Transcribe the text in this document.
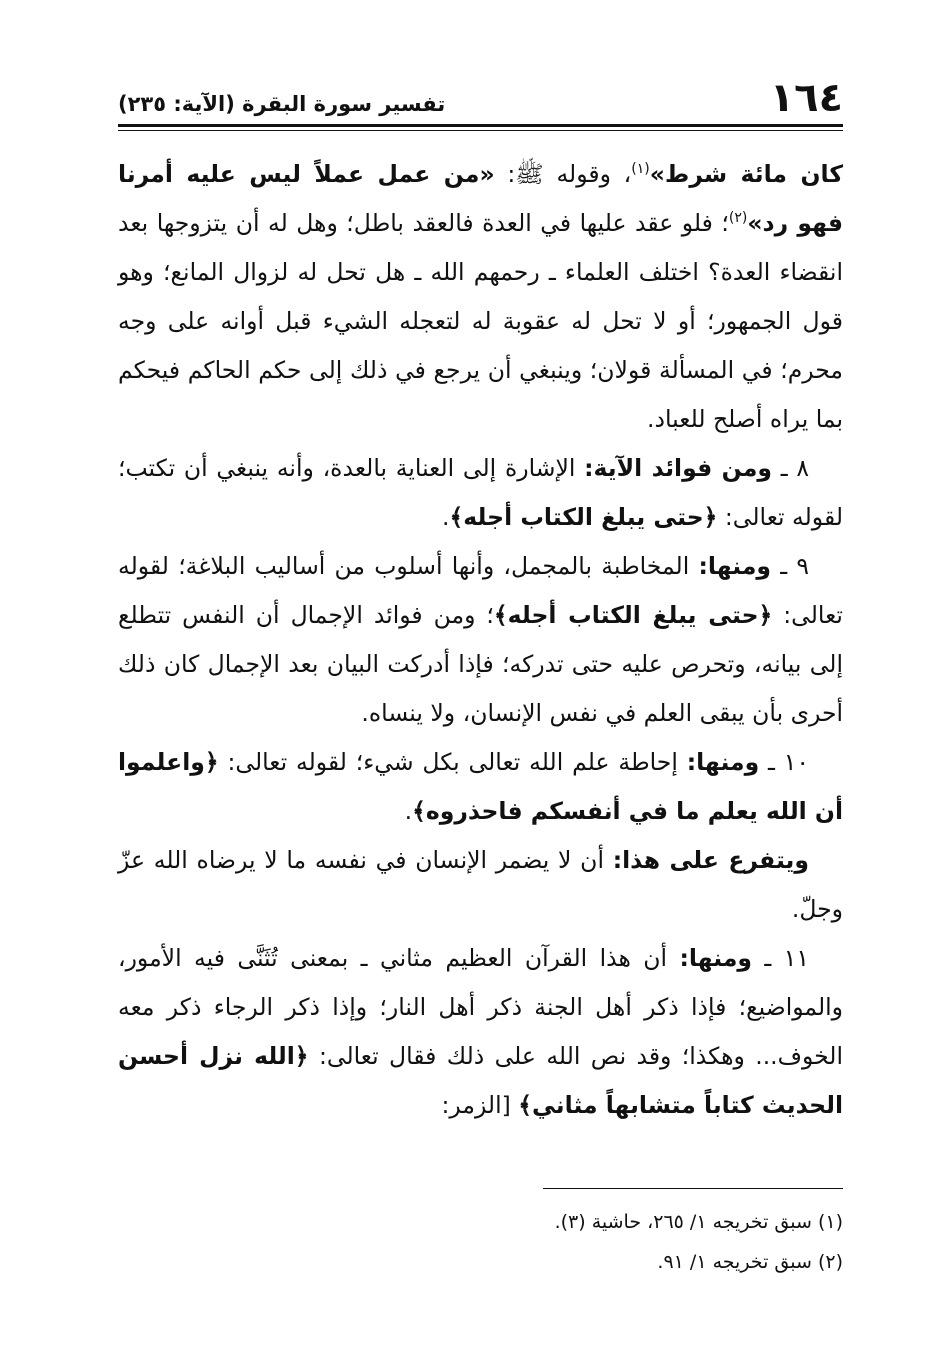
١٦٤
تفسير سورة البقرة (الآية: ٢٣٥)

كان مائة شرط»$^{(١)}$، وقوله ﷺ: «من عمل عملاً ليس عليه أمرنا فهو رد»$^{(٢)}$؛ فلو عقد عليها في العدة فالعقد باطل؛ وهل له أن يتزوجها بعد انقضاء العدة؟ اختلف العلماء ـ رحمهم الله ـ هل تحل له لزوال المانع؛ وهو قول الجمهور؛ أو لا تحل له عقوبة له لتعجله الشيء قبل أوانه على وجه محرم؛ في المسألة قولان؛ وينبغي أن يرجع في ذلك إلى حكم الحاكم فيحكم بما يراه أصلح للعباد.

٨ ـ ومن فوائد الآية: الإشارة إلى العناية بالعدة، وأنه ينبغي أن تكتب؛ لقوله تعالى: ﴿حتى يبلغ الكتاب أجله﴾.

٩ ـ ومنها: المخاطبة بالمجمل، وأنها أسلوب من أساليب البلاغة؛ لقوله تعالى: ﴿حتى يبلغ الكتاب أجله﴾؛ ومن فوائد الإجمال أن النفس تتطلع إلى بيانه، وتحرص عليه حتى تدركه؛ فإذا أدركت البيان بعد الإجمال كان ذلك أحرى بأن يبقى العلم في نفس الإنسان، ولا ينساه.

١٠ ـ ومنها: إحاطة علم الله تعالى بكل شيء؛ لقوله تعالى: ﴿واعلموا أن الله يعلم ما في أنفسكم فاحذروه﴾.

ويتفرع على هذا: أن لا يضمر الإنسان في نفسه ما لا يرضاه الله عزّ وجلّ.

١١ ـ ومنها: أن هذا القرآن العظيم مثاني ـ بمعنى تُثَنَّى فيه الأمور، والمواضيع؛ فإذا ذكر أهل الجنة ذكر أهل النار؛ وإذا ذكر الرجاء ذكر معه الخوف... وهكذا؛ وقد نص الله على ذلك فقال تعالى: ﴿الله نزل أحسن الحديث كتاباً متشابهاً مثاني﴾ [الزمر:

(١) سبق تخريجه ١/ ٢٦٥، حاشية (٣).

(٢) سبق تخريجه ١/ ٩١.
